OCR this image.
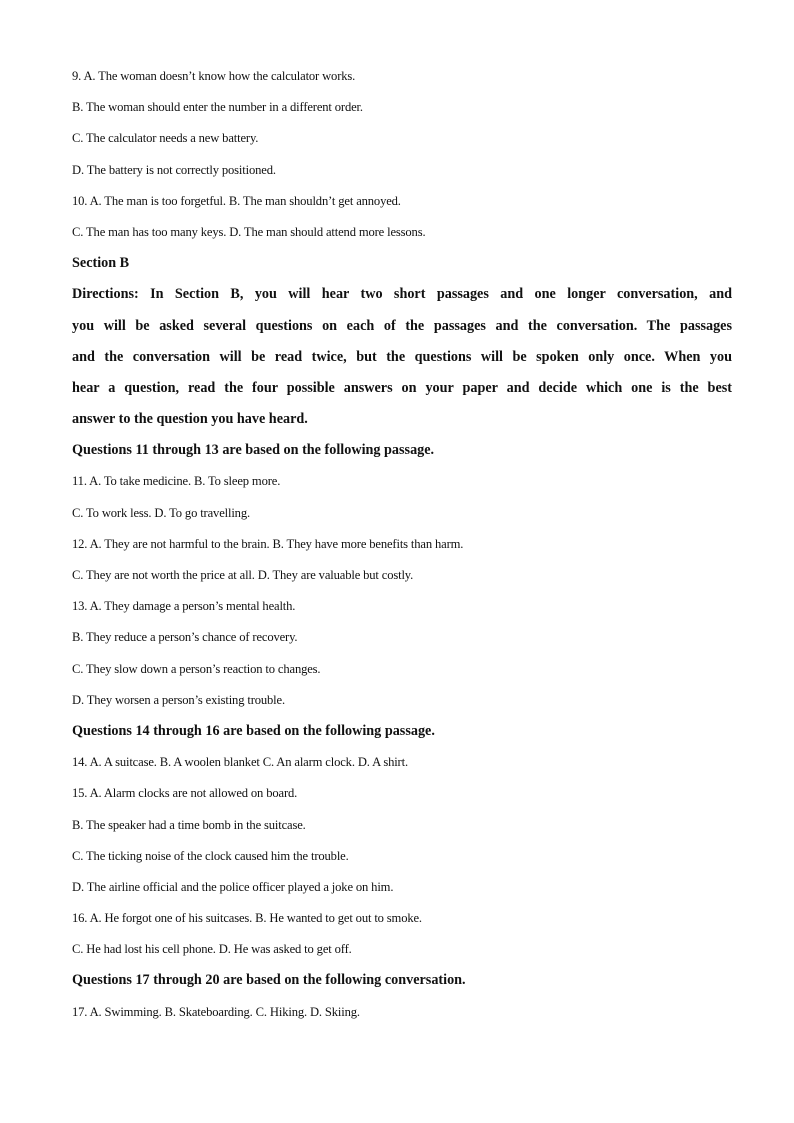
9. A. The woman doesn’t know how the calculator works.
B. The woman should enter the number in a different order.
C. The calculator needs a new battery.
D. The battery is not correctly positioned.
10. A. The man is too forgetful. B. The man shouldn’t get annoyed.
C. The man has too many keys. D. The man should attend more lessons.
Section B
Directions: In Section B, you will hear two short passages and one longer conversation, and
you will be asked several questions on each of the passages and the conversation. The passages
and the conversation will be read twice, but the questions will be spoken only once. When you
hear a question, read the four possible answers on your paper and decide which one is the best
answer to the question you have heard.
Questions 11 through 13 are based on the following passage.
11. A. To take medicine. B. To sleep more.
C. To work less. D. To go travelling.
12. A. They are not harmful to the brain. B. They have more benefits than harm.
C. They are not worth the price at all. D. They are valuable but costly.
13. A. They damage a person’s mental health.
B. They reduce a person’s chance of recovery.
C. They slow down a person’s reaction to changes.
D. They worsen a person’s existing trouble.
Questions 14 through 16 are based on the following passage.
14. A. A suitcase. B. A woolen blanket C. An alarm clock. D. A shirt.
15. A. Alarm clocks are not allowed on board.
B. The speaker had a time bomb in the suitcase.
C. The ticking noise of the clock caused him the trouble.
D. The airline official and the police officer played a joke on him.
16. A. He forgot one of his suitcases. B. He wanted to get out to smoke.
C. He had lost his cell phone. D. He was asked to get off.
Questions 17 through 20 are based on the following conversation.
17. A. Swimming. B. Skateboarding. C. Hiking. D. Skiing.
